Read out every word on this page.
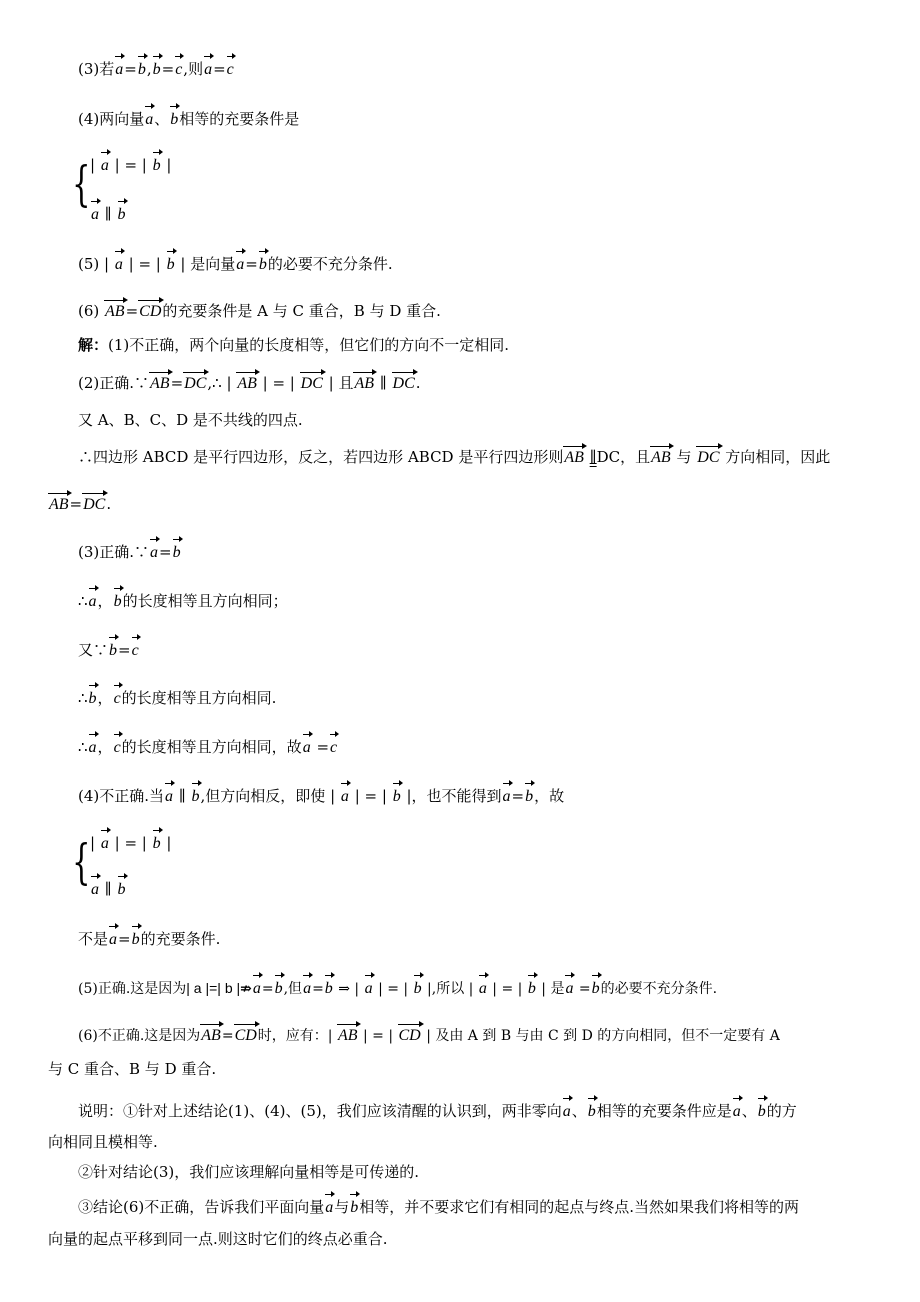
(3)若a=b,b=c,则a=c
(4)两向量a、b相等的充要条件是
{ | a | = | b |
a ∥ b
(5) | a | = | b | 是向量a=b的必要不充分条件.
(6) AB=CD的充要条件是 A 与 C 重合，B 与 D 重合.
解：(1)不正确，两个向量的长度相等，但它们的方向不一定相同.
(2)正确.∵AB=DC,∴ | AB | = | DC | 且AB ∥ DC.
又 A、B、C、D 是不共线的四点.
∴四边形 ABCD 是平行四边形，反之，若四边形 ABCD 是平行四边形则AB ∥DC，且AB 与 DC 方向相同，因此
AB=DC.
(3)正确.∵a=b
∴a，b的长度相等且方向相同；
又∵b=c
∴b，c的长度相等且方向相同.
∴a，c的长度相等且方向相同，故a =c
(4)不正确.当a ∥ b,但方向相反，即使 | a | = | b |，也不能得到a=b，故
{ | a | = | b |
a ∥ b
不是a=b的充要条件.
(5)正确.这是因为| a |=| b |⇏a=b,但a=b ⇒ | a | = | b |,所以 | a | = | b | 是a =b的必要不充分条件.
(6)不正确.这是因为AB=CD时，应有：| AB | = | CD | 及由 A 到 B 与由 C 到 D 的方向相同，但不一定要有 A
与 C 重合、B 与 D 重合.
说明：①针对上述结论(1)、(4)、(5)，我们应该清醒的认识到，两非零向a、b相等的充要条件应是a、b的方
向相同且模相等.
②针对结论(3)，我们应该理解向量相等是可传递的.
③结论(6)不正确，告诉我们平面向量a与b相等，并不要求它们有相同的起点与终点.当然如果我们将相等的两
向量的起点平移到同一点.则这时它们的终点必重合.
